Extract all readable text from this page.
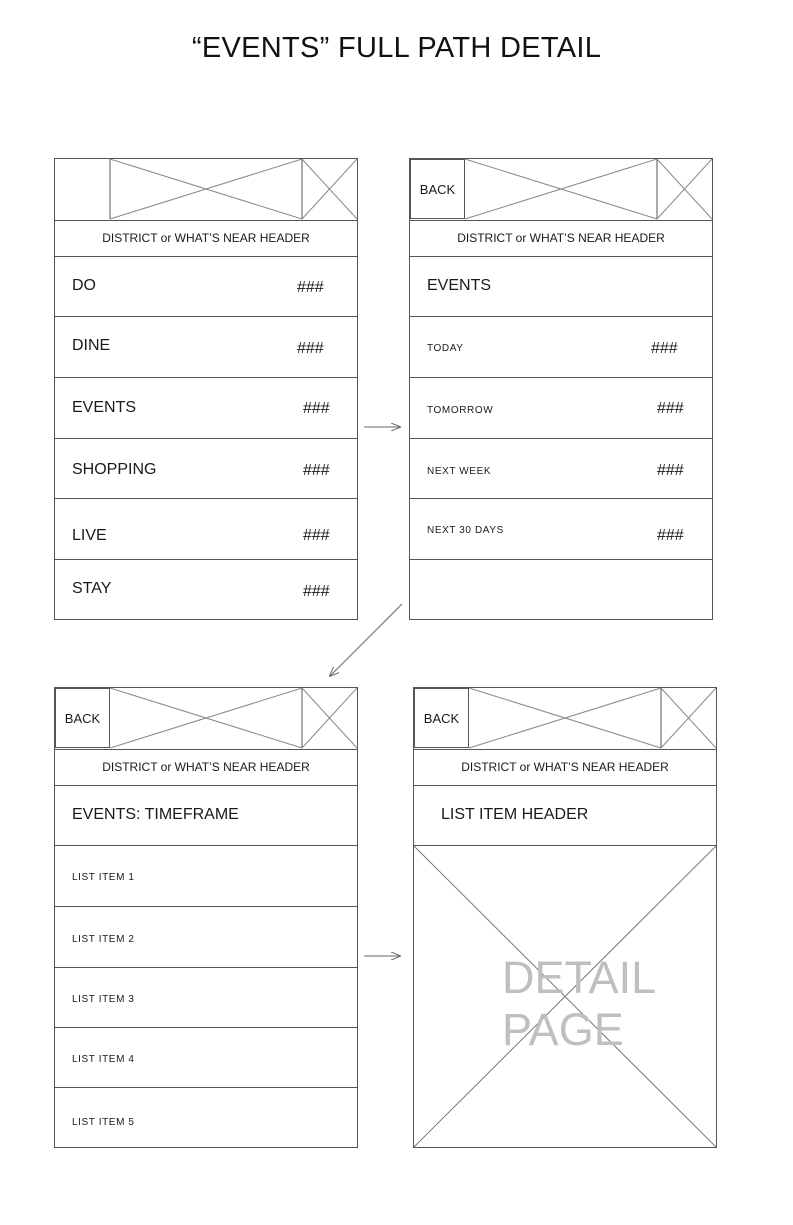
“EVENTS” FULL PATH DETAIL
DISTRICT or WHAT’S NEAR HEADER
DO	###
DINE	###
EVENTS	###
SHOPPING	###
LIVE	###
STAY	###
BACK
DISTRICT or WHAT’S NEAR HEADER
EVENTS
TODAY	###
TOMORROW	###
NEXT WEEK	###
NEXT 30 DAYS	###
BACK
DISTRICT or WHAT’S NEAR HEADER
EVENTS: TIMEFRAME
LIST ITEM 1
LIST ITEM 2
LIST ITEM 3
LIST ITEM 4
LIST ITEM 5
BACK
DISTRICT or WHAT’S NEAR HEADER
LIST ITEM HEADER
DETAIL
PAGE
